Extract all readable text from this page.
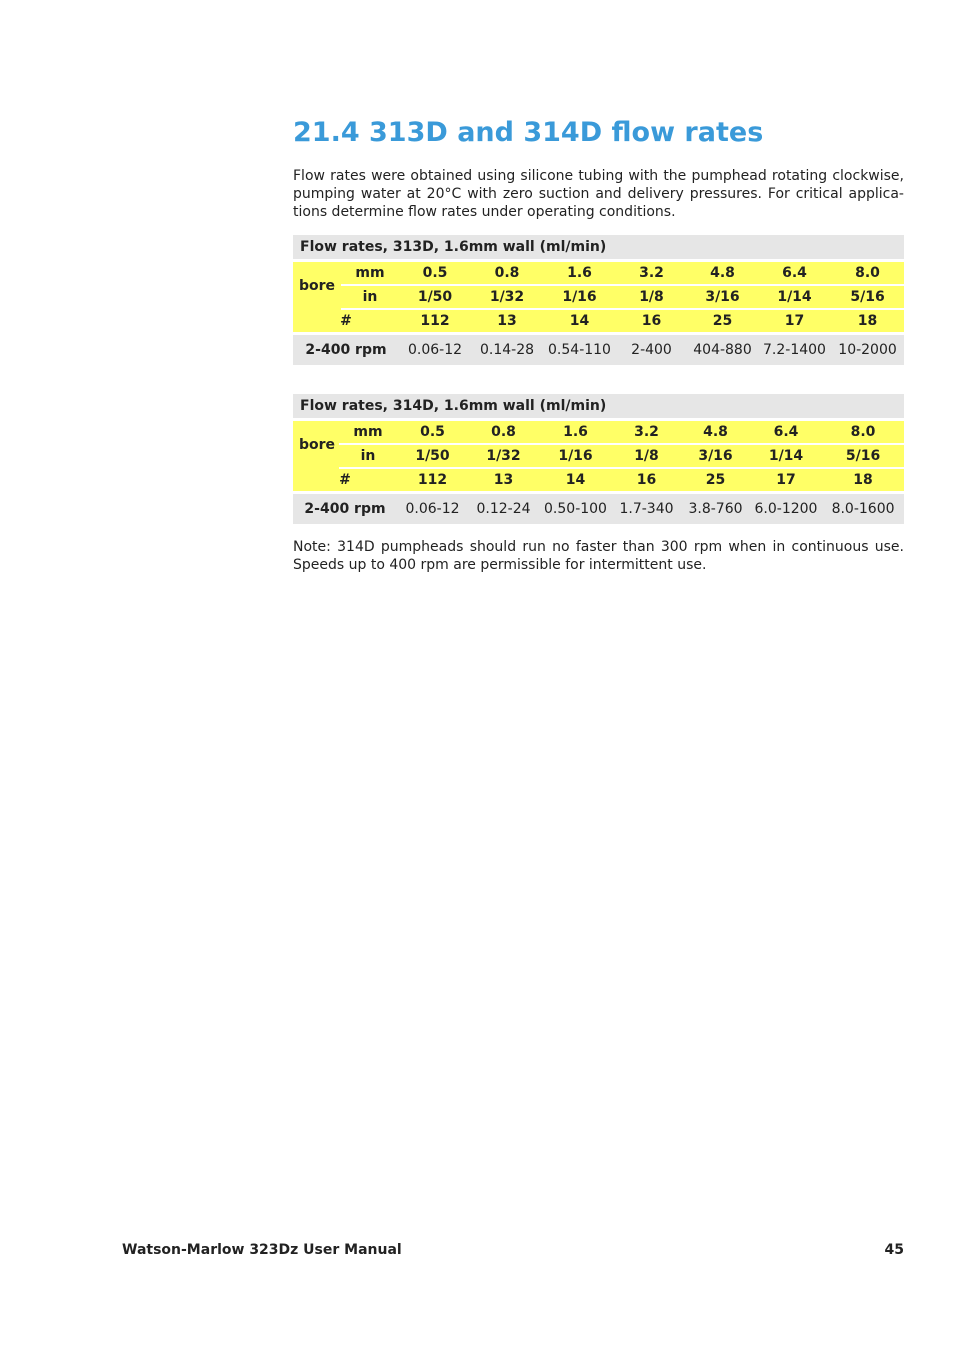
21.4 313D and 314D flow rates

Flow rates were obtained using silicone tubing with the pumphead rotating clockwise, pumping water at 20°C with zero suction and delivery pressures. For critical applica-tions determine flow rates under operating conditions.

Flow rates, 313D, 1.6mm wall (ml/min)								
bore	mm	0.5	0.8	1.6	3.2	4.8	6.4	8.0
	in	1/50	1/32	1/16	1/8	3/16	1/14	5/16
#		112	13	14	16	25	17	18

2-400 rpm		0.06-12	0.14-28	0.54-110	2-400	404-880	7.2-1400	10-2000
Flow rates, 314D, 1.6mm wall (ml/min)								
bore	mm	0.5	0.8	1.6	3.2	4.8	6.4	8.0
	in	1/50	1/32	1/16	1/8	3/16	1/14	5/16
#		112	13	14	16	25	17	18

2-400 rpm		0.06-12	0.12-24	0.50-100	1.7-340	3.8-760	6.0-1200	8.0-1600

Note: 314D pumpheads should run no faster than 300 rpm when in continuous use. Speeds up to 400 rpm are permissible for intermittent use.

Watson-Marlow 323Dz User Manual	45
